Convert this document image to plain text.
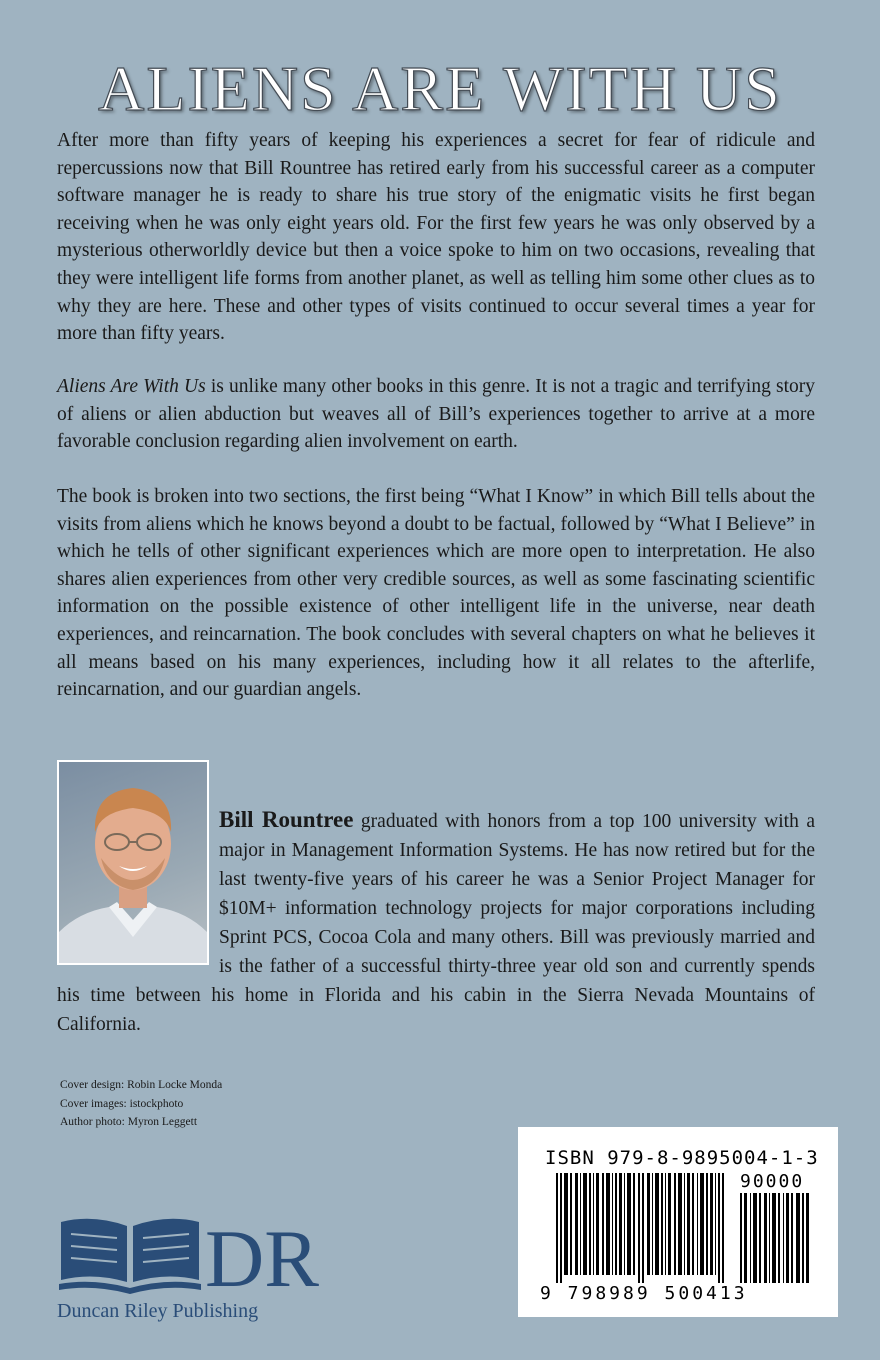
ALIENS ARE WITH US
After more than fifty years of keeping his experiences a secret for fear of ridicule and repercussions now that Bill Rountree has retired early from his successful career as a computer software manager he is ready to share his true story of the enigmatic visits he first began receiving when he was only eight years old. For the first few years he was only observed by a mysterious otherworldly device but then a voice spoke to him on two occasions, revealing that they were intelligent life forms from another planet, as well as telling him some other clues as to why they are here. These and other types of visits continued to occur several times a year for more than fifty years.
Aliens Are With Us is unlike many other books in this genre. It is not a tragic and terrifying story of aliens or alien abduction but weaves all of Bill’s experiences together to arrive at a more favorable conclusion regarding alien involvement on earth.
The book is broken into two sections, the first being “What I Know” in which Bill tells about the visits from aliens which he knows beyond a doubt to be factual, followed by “What I Believe” in which he tells of other significant experiences which are more open to interpretation. He also shares alien experiences from other very credible sources, as well as some fascinating scientific information on the possible existence of other intelligent life in the universe, near death experiences, and reincarnation. The book concludes with several chapters on what he believes it all means based on his many experiences, including how it all relates to the afterlife, reincarnation, and our guardian angels.
Bill Rountree graduated with honors from a top 100 university with a major in Management Information Systems. He has now retired but for the last twenty-five years of his career he was a Senior Project Manager for $10M+ information technology projects for major corporations including Sprint PCS, Cocoa Cola and many others. Bill was previously married and is the father of a successful thirty-three year old son and currently spends his time between his home in Florida and his cabin in the Sierra Nevada Mountains of California.
Cover design: Robin Locke Monda
Cover images: istockphoto
Author photo: Myron Leggett
ISBN 979-8-9895004-1-3
90000
9 798989 500413
DR
Duncan Riley Publishing
